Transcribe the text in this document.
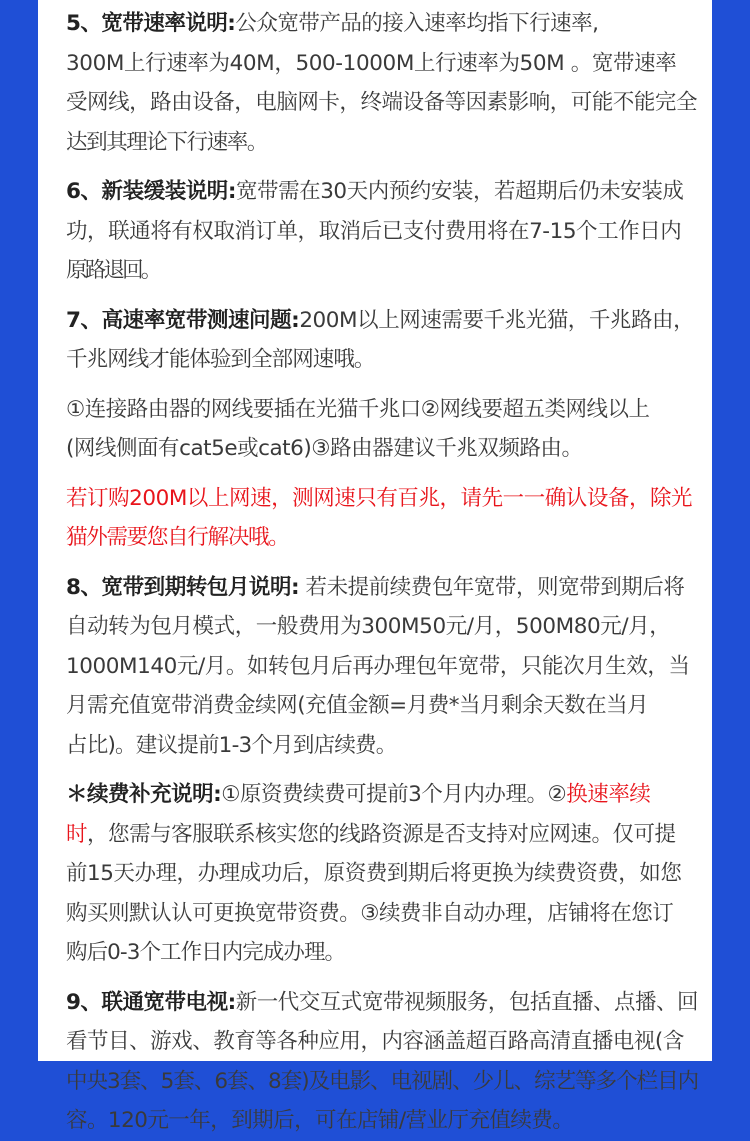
5、宽带速率说明:公众宽带产品的接入速率均指下行速率,
300M上行速率为40M，500-1000M上行速率为50M 。宽带速率
受网线，路由设备，电脑网卡，终端设备等因素影响，可能不能完全
达到其理论下行速率。
6、新装缓装说明:宽带需在30天内预约安装，若超期后仍未安装成
功，联通将有权取消订单，取消后已支付费用将在7-15个工作日内
原路退回。
7、高速率宽带测速问题:200M以上网速需要千兆光猫，千兆路由，
千兆网线才能体验到全部网速哦。
①连接路由器的网线要插在光猫千兆口②网线要超五类网线以上
(网线侧面有cat5e或cat6)③路由器建议千兆双频路由。
若订购200M以上网速，测网速只有百兆，请先一一确认设备，除光
猫外需要您自行解决哦。
8、宽带到期转包月说明: 若未提前续费包年宽带，则宽带到期后将
自动转为包月模式，一般费用为300M50元/月，500M80元/月，
1000M140元/月。如转包月后再办理包年宽带，只能次月生效，当
月需充值宽带消费金续网(充值金额=月费*当月剩余天数在当月
占比)。建议提前1-3个月到店续费。
＊续费补充说明:①原资费续费可提前3个月内办理。②换速率续
时，您需与客服联系核实您的线路资源是否支持对应网速。仅可提
前15天办理，办理成功后，原资费到期后将更换为续费资费，如您
购买则默认认可更换宽带资费。③续费非自动办理，店铺将在您订
购后0-3个工作日内完成办理。
9、联通宽带电视:新一代交互式宽带视频服务，包括直播、点播、回
看节目、游戏、教育等各种应用，内容涵盖超百路高清直播电视(含
中央3套、5套、6套、8套)及电影、电视剧、少儿、综艺等多个栏目内
容。120元一年，到期后，可在店铺/营业厅充值续费。
